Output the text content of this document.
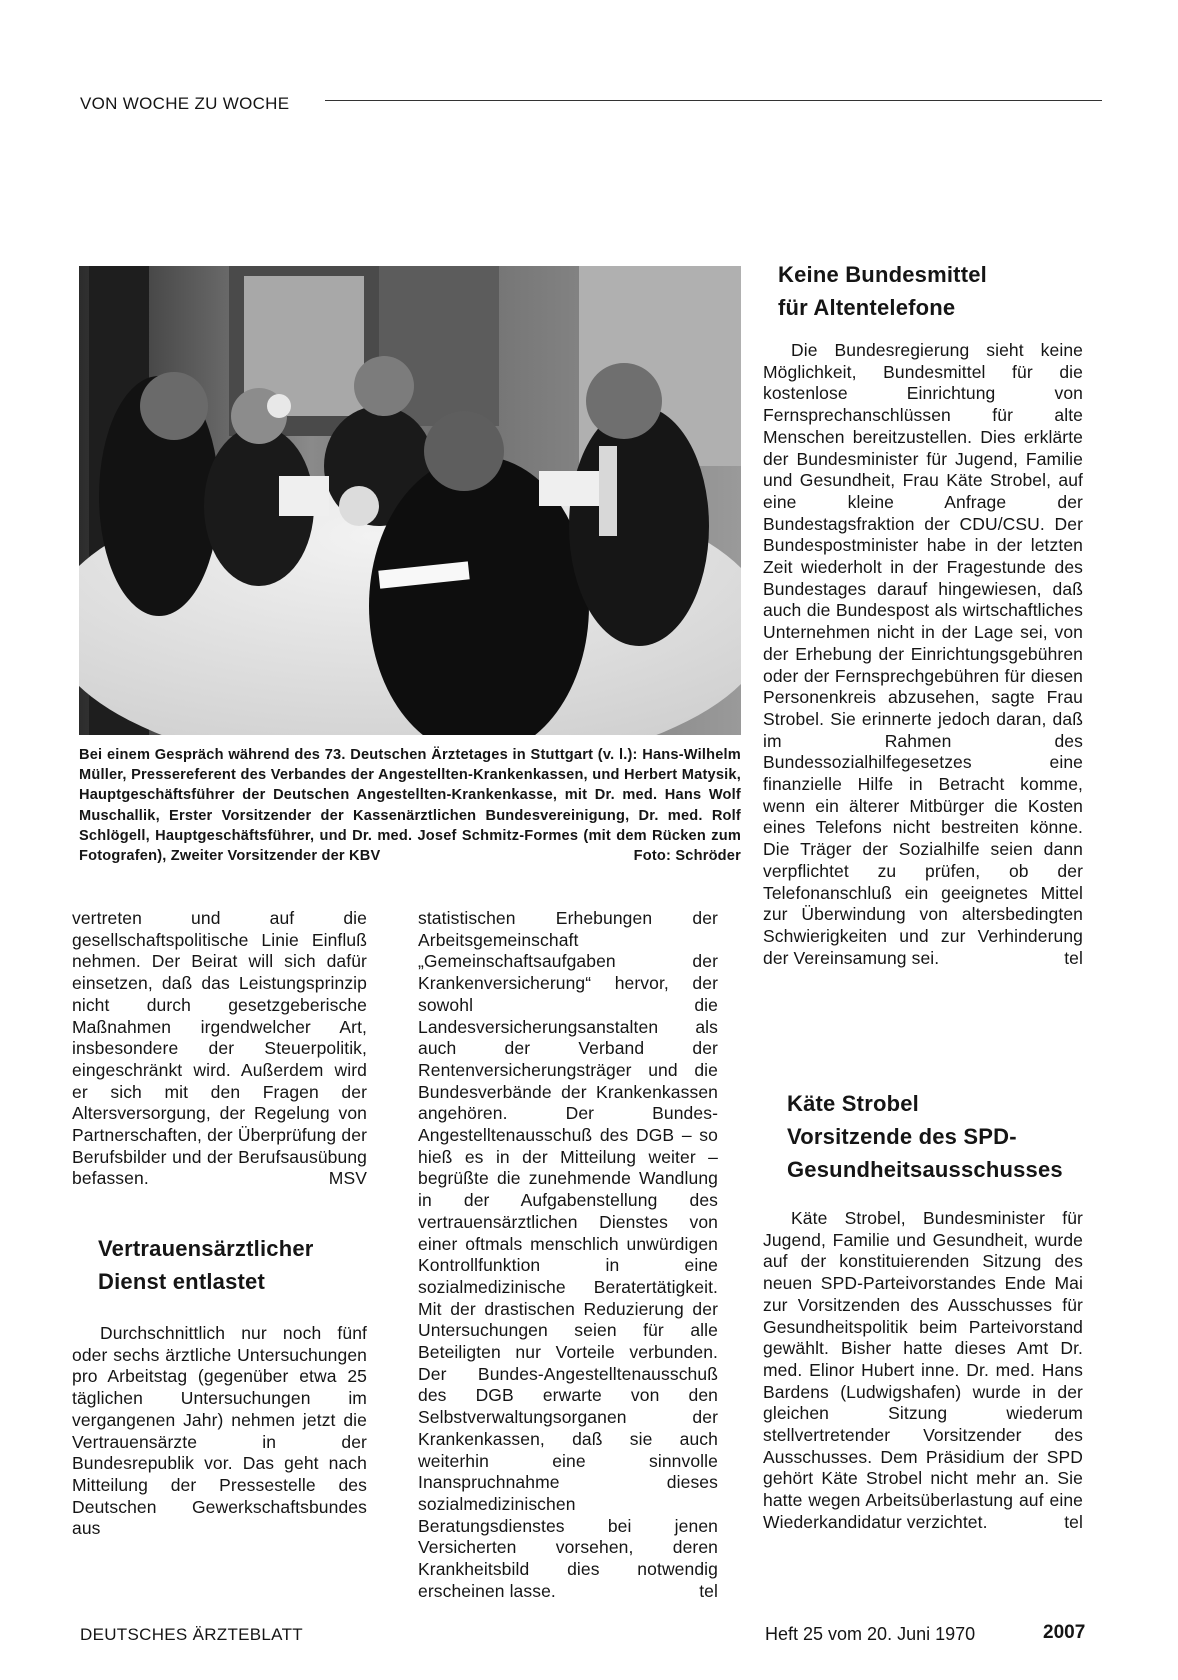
VON WOCHE ZU WOCHE
Bei einem Gespräch während des 73. Deutschen Ärztetages in Stuttgart (v. l.): Hans-Wilhelm Müller, Pressereferent des Verbandes der Angestellten-Krankenkassen, und Herbert Matysik, Hauptgeschäftsführer der Deutschen Angestellten-Krankenkasse, mit Dr. med. Hans Wolf Muschallik, Erster Vorsitzender der Kassenärztlichen Bundesvereinigung, Dr. med. Rolf Schlögell, Hauptgeschäftsführer, und Dr. med. Josef Schmitz-Formes (mit dem Rücken zum Fotografen), Zweiter Vorsitzender der KBV	Foto: Schröder

vertreten und auf die gesellschaftspolitische Linie Einfluß nehmen. Der Beirat will sich dafür einsetzen, daß das Leistungsprinzip nicht durch gesetzgeberische Maßnahmen irgendwelcher Art, insbesondere der Steuerpolitik, eingeschränkt wird. Außerdem wird er sich mit den Fragen der Altersversorgung, der Regelung von Partnerschaften, der Überprüfung der Berufsbilder und der Berufsausübung befassen.	MSV

Vertrauensärztlicher
Dienst entlastet

Durchschnittlich nur noch fünf oder sechs ärztliche Untersuchungen pro Arbeitstag (gegenüber etwa 25 täglichen Untersuchungen im vergangenen Jahr) nehmen jetzt die Vertrauensärzte in der Bundesrepublik vor. Das geht nach Mitteilung der Pressestelle des Deutschen Gewerkschaftsbundes aus

statistischen Erhebungen der Arbeitsgemeinschaft „Gemeinschaftsaufgaben der Krankenversicherung“ hervor, der sowohl die Landesversicherungsanstalten als auch der Verband der Rentenversicherungsträger und die Bundesverbände der Krankenkassen angehören. Der Bundes-Angestelltenausschuß des DGB – so hieß es in der Mitteilung weiter – begrüßte die zunehmende Wandlung in der Aufgabenstellung des vertrauensärztlichen Dienstes von einer oftmals menschlich unwürdigen Kontrollfunktion in eine sozialmedizinische Beratertätigkeit. Mit der drastischen Reduzierung der Untersuchungen seien für alle Beteiligten nur Vorteile verbunden. Der Bundes-Angestelltenausschuß des DGB erwarte von den Selbstverwaltungsorganen der Krankenkassen, daß sie auch weiterhin eine sinnvolle Inanspruchnahme dieses sozialmedizinischen Beratungsdienstes bei jenen Versicherten vorsehen, deren Krankheitsbild dies notwendig erscheinen lasse.	tel

Keine Bundesmittel
für Altentelefone

Die Bundesregierung sieht keine Möglichkeit, Bundesmittel für die kostenlose Einrichtung von Fernsprechanschlüssen für alte Menschen bereitzustellen. Dies erklärte der Bundesminister für Jugend, Familie und Gesundheit, Frau Käte Strobel, auf eine kleine Anfrage der Bundestagsfraktion der CDU/CSU. Der Bundespostminister habe in der letzten Zeit wiederholt in der Fragestunde des Bundestages darauf hingewiesen, daß auch die Bundespost als wirtschaftliches Unternehmen nicht in der Lage sei, von der Erhebung der Einrichtungsgebühren oder der Fernsprechgebühren für diesen Personenkreis abzusehen, sagte Frau Strobel. Sie erinnerte jedoch daran, daß im Rahmen des Bundessozialhilfegesetzes eine finanzielle Hilfe in Betracht komme, wenn ein älterer Mitbürger die Kosten eines Telefons nicht bestreiten könne. Die Träger der Sozialhilfe seien dann verpflichtet zu prüfen, ob der Telefonanschluß ein geeignetes Mittel zur Überwindung von altersbedingten Schwierigkeiten und zur Verhinderung der Vereinsamung sei.	tel

Käte Strobel
Vorsitzende des SPD-
Gesundheitsausschusses

Käte Strobel, Bundesminister für Jugend, Familie und Gesundheit, wurde auf der konstituierenden Sitzung des neuen SPD-Parteivorstandes Ende Mai zur Vorsitzenden des Ausschusses für Gesundheitspolitik beim Parteivorstand gewählt. Bisher hatte dieses Amt Dr. med. Elinor Hubert inne. Dr. med. Hans Bardens (Ludwigshafen) wurde in der gleichen Sitzung wiederum stellvertretender Vorsitzender des Ausschusses. Dem Präsidium der SPD gehört Käte Strobel nicht mehr an. Sie hatte wegen Arbeitsüberlastung auf eine Wiederkandidatur verzichtet.	tel

DEUTSCHES ÄRZTEBLATT	Heft 25 vom 20. Juni 1970	2007
